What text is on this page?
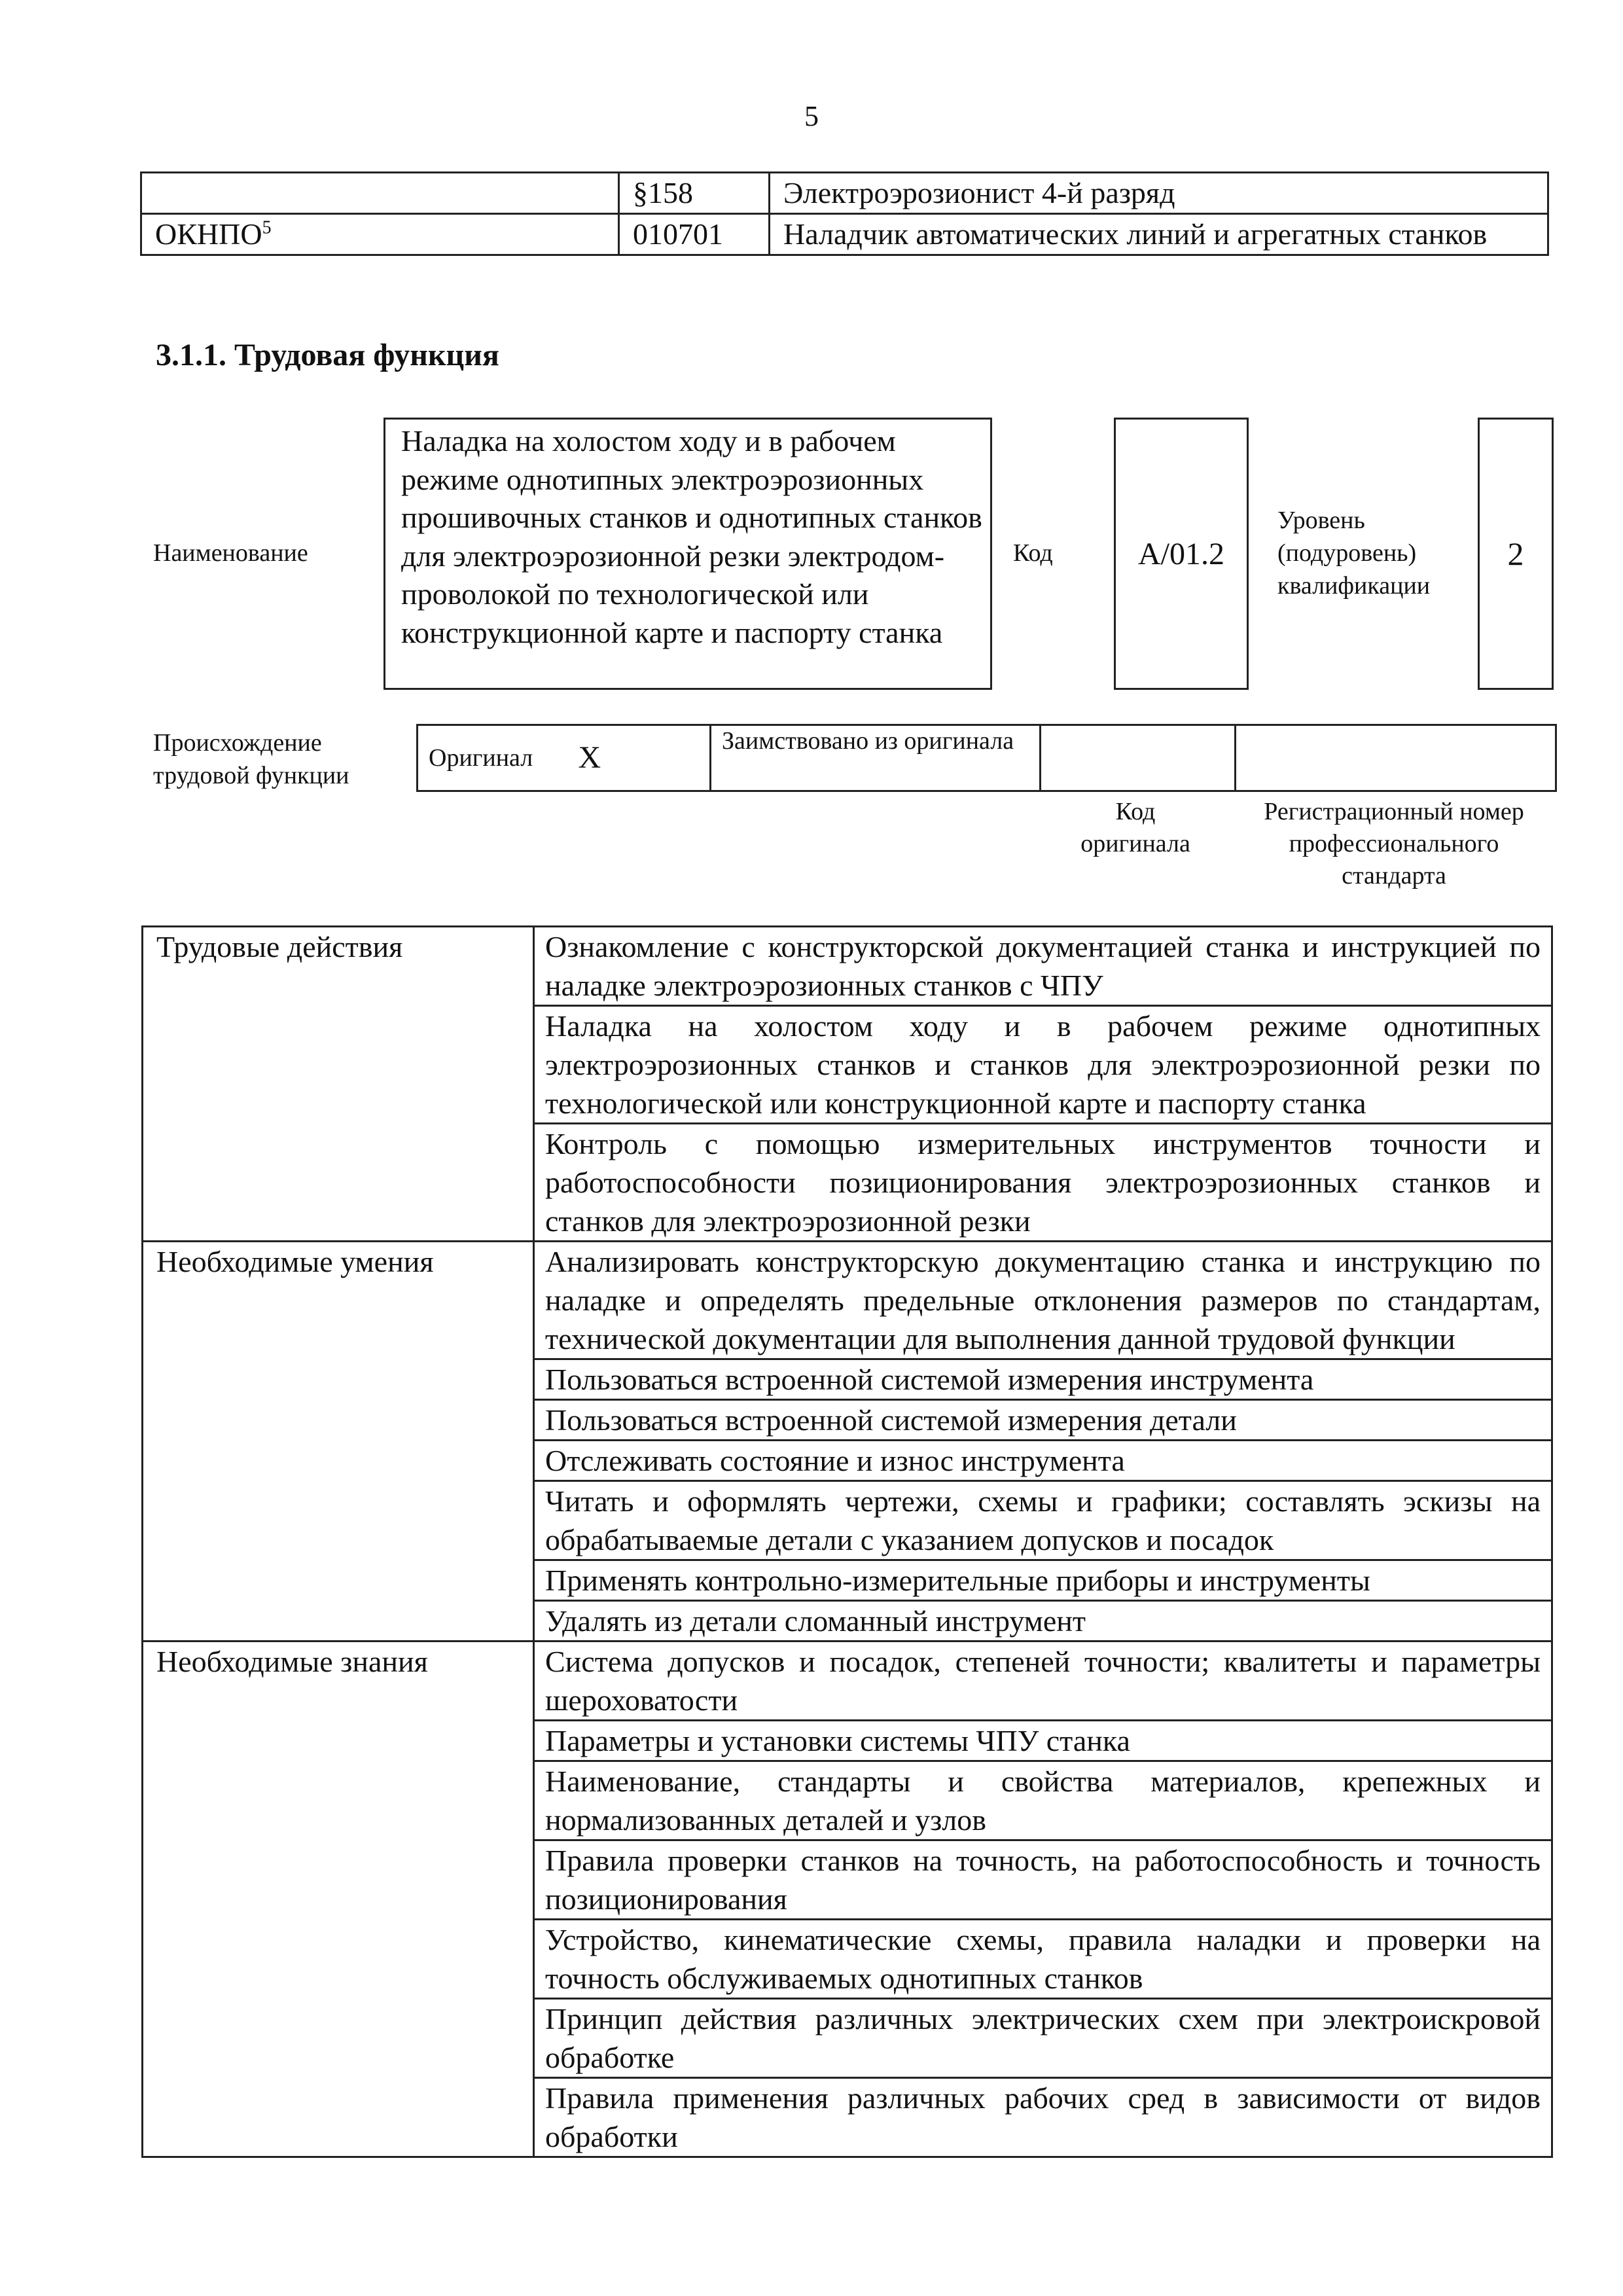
5
	§158	Электроэрозионист 4-й разряд
ОКНПО$^5$	010701	Наладчик автоматических линий и агрегатных станков
3.1.1. Трудовая функция
Наименование
Наладка на холостом ходу и в рабочем режиме однотипных электроэрозионных прошивочных станков и однотипных станков для электроэрозионной резки электродом-проволокой по технологической или конструкционной карте и паспорту станка
Код	А/01.2
Уровень
(подуровень)
квалификации
2
Происхождение
трудовой функции
Оригинал	X	Заимствовано из оригинала		
Код
оригинала
Регистрационный номер
профессионального
стандарта
Трудовые действия	Ознакомление с конструкторской документацией станка и инструкцией по наладке электроэрозионных станков с ЧПУ
	Наладка на холостом ходу и в рабочем режиме однотипных электроэрозионных станков и станков для электроэрозионной резки по технологической или конструкционной карте и паспорту станка
	Контроль с помощью измерительных инструментов точности и работоспособности позиционирования электроэрозионных станков и станков для электроэрозионной резки
Необходимые умения	Анализировать конструкторскую документацию станка и инструкцию по наладке и определять предельные отклонения размеров по стандартам, технической документации для выполнения данной трудовой функции
	Пользоваться встроенной системой измерения инструмента
	Пользоваться встроенной системой измерения детали
	Отслеживать состояние и износ инструмента
	Читать и оформлять чертежи, схемы и графики; составлять эскизы на обрабатываемые детали с указанием допусков и посадок
	Применять контрольно-измерительные приборы и инструменты
	Удалять из детали сломанный инструмент
Необходимые знания	Система допусков и посадок, степеней точности; квалитеты и параметры шероховатости
	Параметры и установки системы ЧПУ станка
	Наименование, стандарты и свойства материалов, крепежных и нормализованных деталей и узлов
	Правила проверки станков на точность, на работоспособность и точность позиционирования
	Устройство, кинематические схемы, правила наладки и проверки на точность обслуживаемых однотипных станков
	Принцип действия различных электрических схем при электроискровой обработке
	Правила применения различных рабочих сред в зависимости от видов обработки
